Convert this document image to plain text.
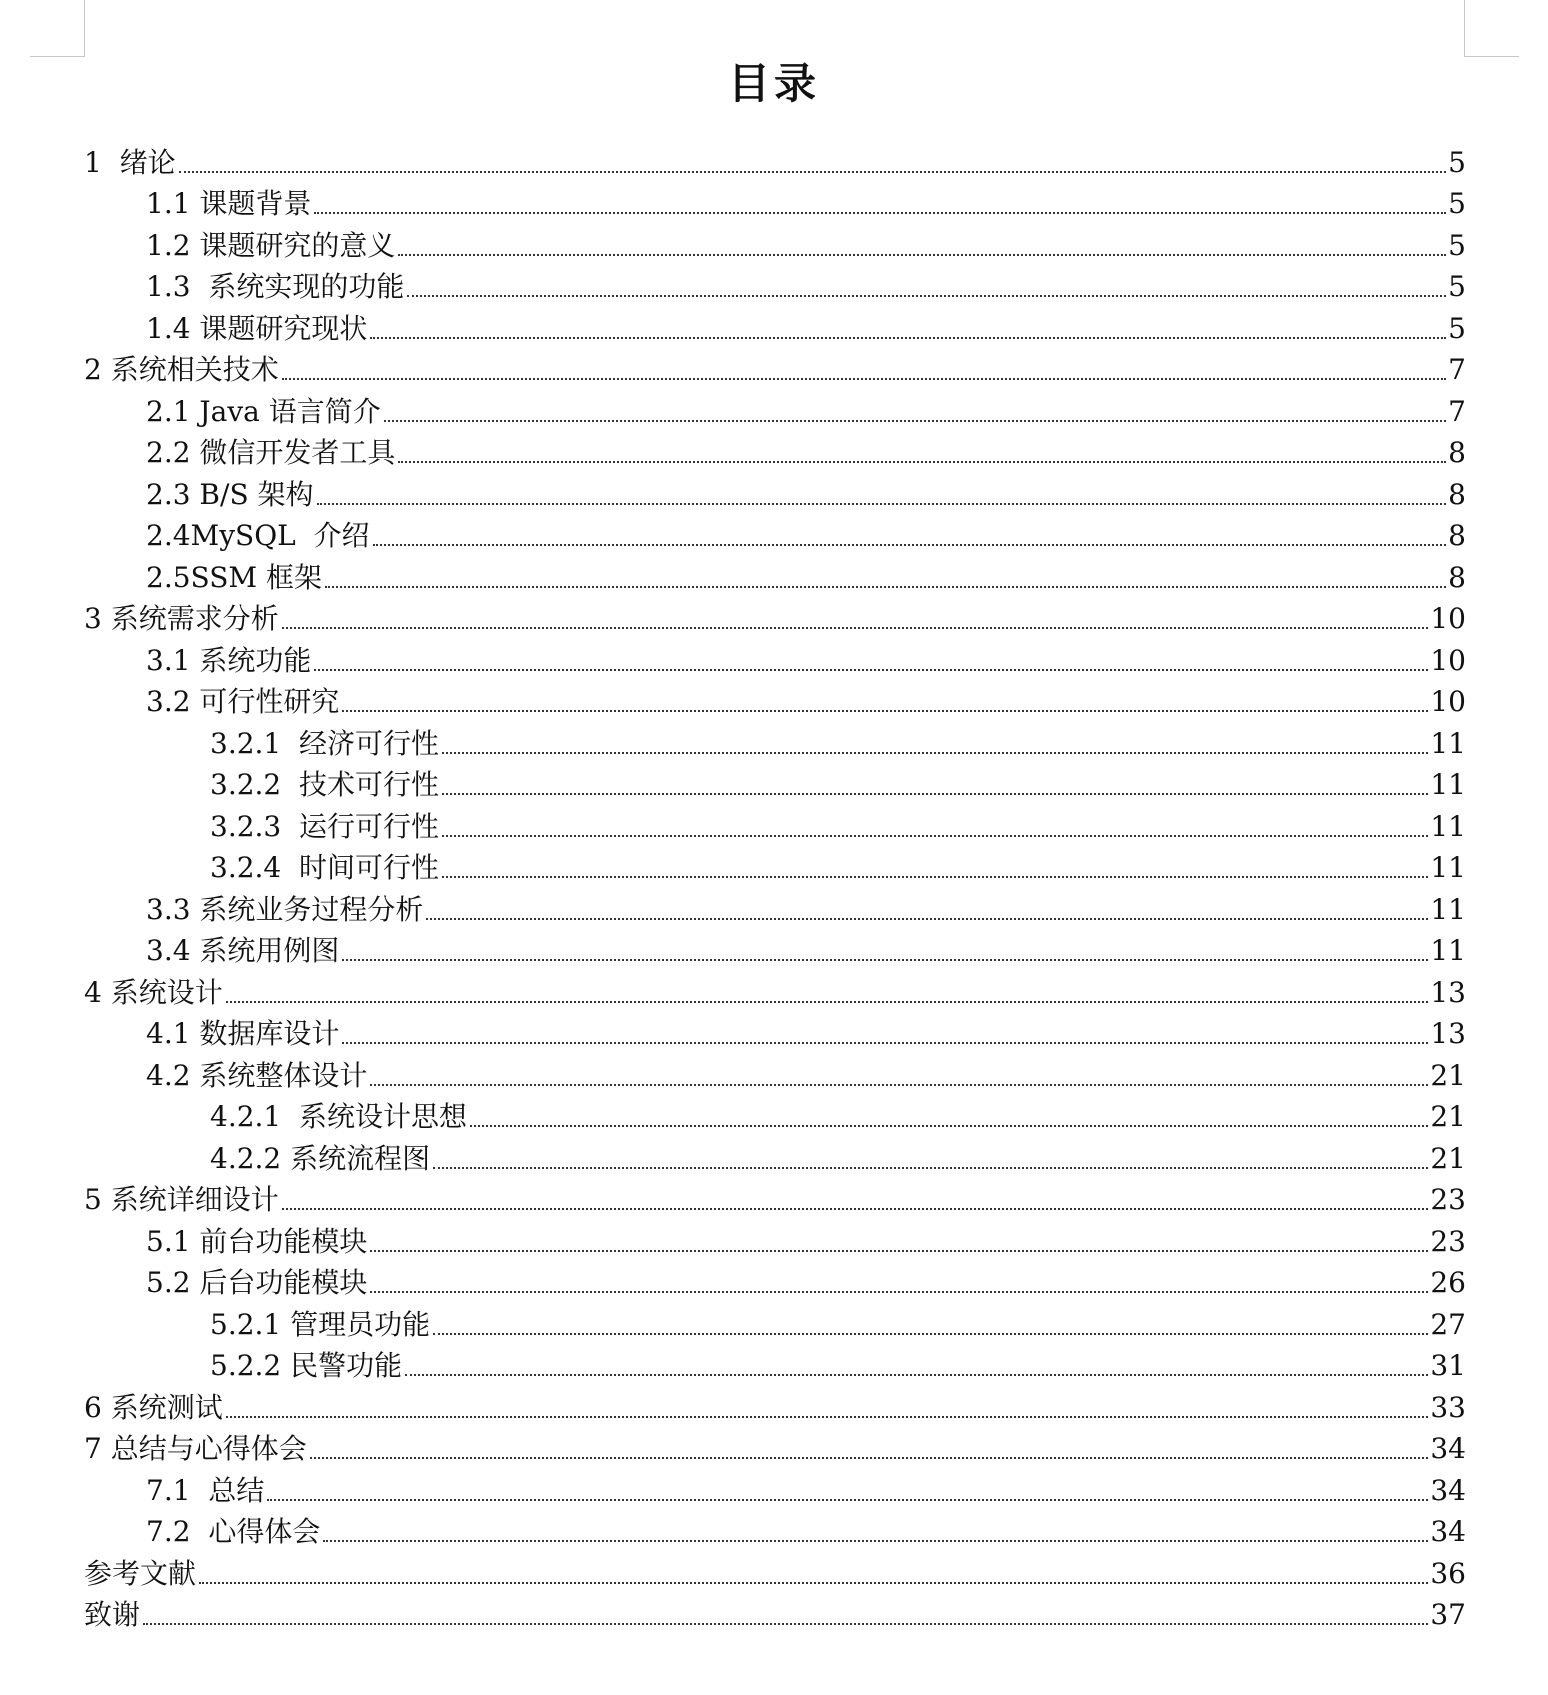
目录
1  绪论	5
1.1 课题背景	5
1.2 课题研究的意义	5
1.3  系统实现的功能	5
1.4 课题研究现状	5
2 系统相关技术	7
2.1 Java 语言简介	7
2.2 微信开发者工具	8
2.3 B/S 架构	8
2.4MySQL  介绍	8
2.5SSM 框架	8
3 系统需求分析	10
3.1 系统功能	10
3.2 可行性研究	10
3.2.1  经济可行性	11
3.2.2  技术可行性	11
3.2.3  运行可行性	11
3.2.4  时间可行性	11
3.3 系统业务过程分析	11
3.4 系统用例图	11
4 系统设计	13
4.1 数据库设计	13
4.2 系统整体设计	21
4.2.1  系统设计思想	21
4.2.2 系统流程图	21
5 系统详细设计	23
5.1 前台功能模块	23
5.2 后台功能模块	26
5.2.1 管理员功能	27
5.2.2 民警功能	31
6 系统测试	33
7 总结与心得体会	34
7.1  总结	34
7.2  心得体会	34
参考文献	36
致谢	37
